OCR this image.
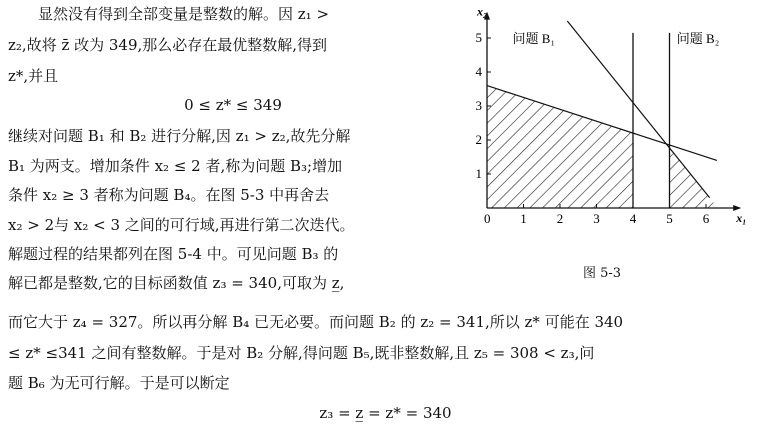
显然没有得到全部变量是整数的解。因 z₁ >
z₂,故将 z̄ 改为 349,那么必存在最优整数解,得到
z*,并且
0 ≤ z* ≤ 349
继续对问题 B₁ 和 B₂ 进行分解,因 z₁ > z₂,故先分解
B₁ 为两支。增加条件 x₂ ≤ 2 者,称为问题 B₃;增加
条件 x₂ ≥ 3 者称为问题 B₄。在图 5-3 中再舍去
x₂ > 2与 x₂ < 3 之间的可行域,再进行第二次迭代。
解题过程的结果都列在图 5-4 中。可见问题 B₃ 的
解已都是整数,它的目标函数值 z₃ = 340,可取为 z̲,
而它大于 z₄ = 327。所以再分解 B₄ 已无必要。而问题 B₂ 的 z₂ = 341,所以 z* 可能在 340
≤ z* ≤341 之间有整数解。于是对 B₂ 分解,得问题 B₅,既非整数解,且 z₅ = 308 < z₃,问
题 B₆ 为无可行解。于是可以断定
z₃ = z̲ = z* = 340
1 2 3 4 5 6
1
2
3
4
5
x₂
x₁
0
问题 B₁	问题 B₂
图 5-3
